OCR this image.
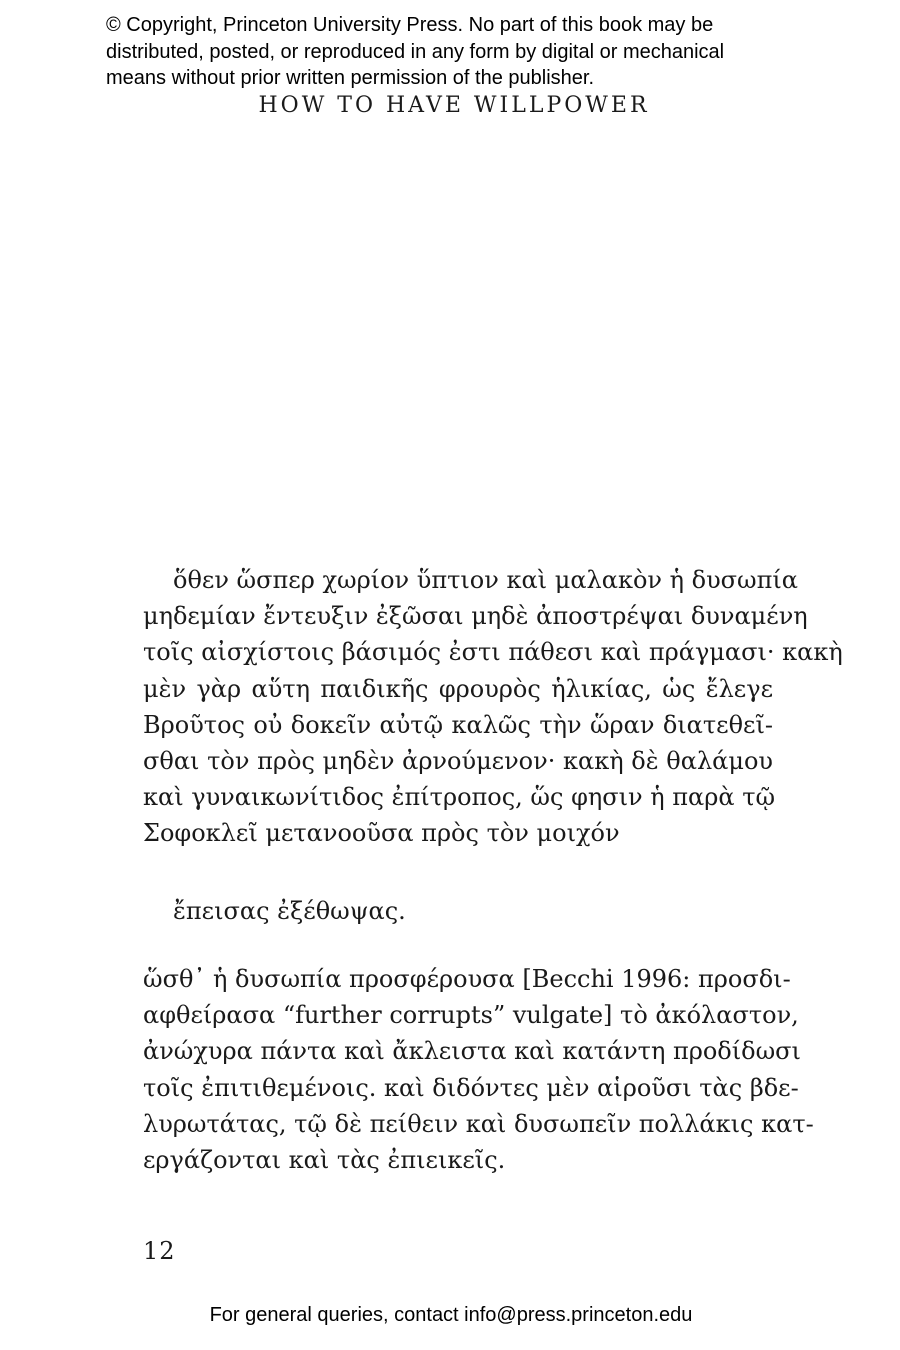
© Copyright, Princeton University Press. No part of this book may be
distributed, posted, or reproduced in any form by digital or mechanical
means without prior written permission of the publisher.
HOW TO HAVE WILLPOWER
ὅθεν ὥσπερ χωρίον ὕπτιον καὶ μαλακὸν ἡ δυσωπία
μηδεμίαν ἔντευξιν ἐξῶσαι μηδὲ ἀποστρέψαι δυναμένη
τοῖς αἰσχίστοις βάσιμός ἐστι πάθεσι καὶ πράγμασι· κακὴ
μὲν γὰρ αὕτη παιδικῆς φρουρὸς ἡλικίας, ὡς ἔλεγε
Βροῦτος οὐ δοκεῖν αὐτῷ καλῶς τὴν ὥραν διατεθεῖ-
σθαι τὸν πρὸς μηδὲν ἀρνούμενον· κακὴ δὲ θαλάμου
καὶ γυναικωνίτιδος ἐπίτροπος, ὥς φησιν ἡ παρὰ τῷ
Σοφοκλεῖ μετανοοῦσα πρὸς τὸν μοιχόν
ἔπεισας ἐξέθωψας.
ὥσθ᾽ ἡ δυσωπία προσφέρουσα [Becchi 1996: προσδι-
αφθείρασα “further corrupts” vulgate] τὸ ἀκόλαστον,
ἀνώχυρα πάντα καὶ ἄκλειστα καὶ κατάντη προδίδωσι
τοῖς ἐπιτιθεμένοις. καὶ διδόντες μὲν αἱροῦσι τὰς βδε-
λυρωτάτας, τῷ δὲ πείθειν καὶ δυσωπεῖν πολλάκις κατ-
εργάζονται καὶ τὰς ἐπιεικεῖς.
12
For general queries, contact info@press.princeton.edu
